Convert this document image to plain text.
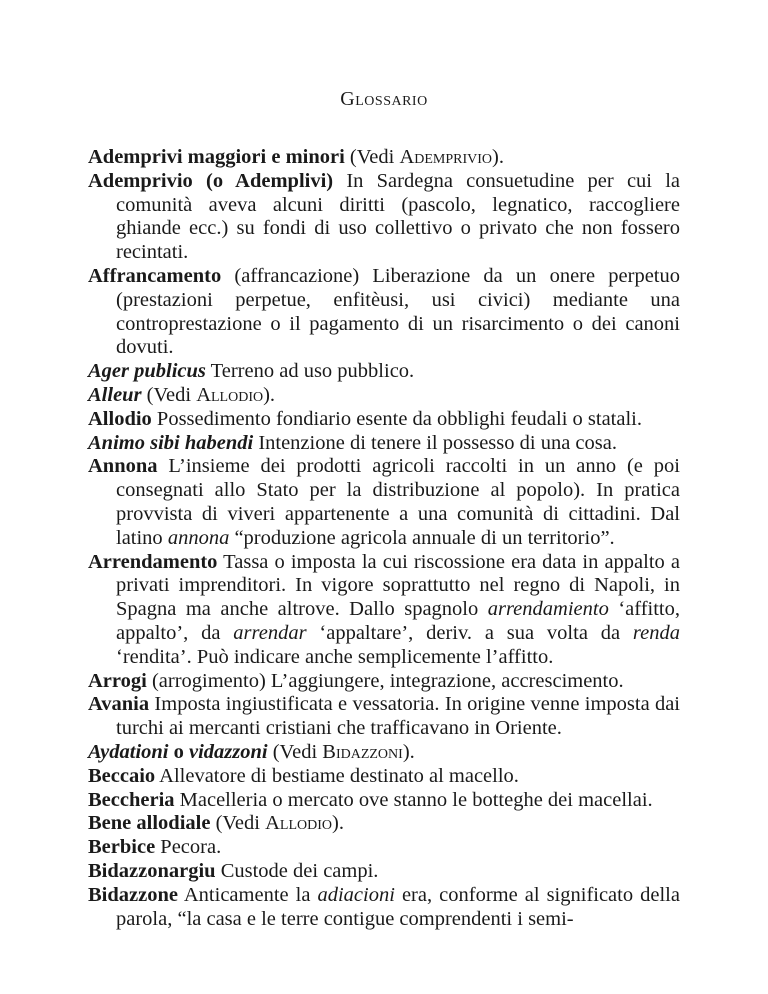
Glossario

Ademprivi maggiori e minori (Vedi Ademprivio).

Ademprivio (o Ademplivi) In Sardegna consuetudine per cui la comunità aveva alcuni diritti (pascolo, legnatico, raccogliere ghiande ecc.) su fondi di uso collettivo o privato che non fossero recintati.

Affrancamento (affrancazione) Liberazione da un onere perpetuo (prestazioni perpetue, enfitèusi, usi civici) mediante una controprestazione o il pagamento di un risarcimento o dei canoni dovuti.

Ager publicus Terreno ad uso pubblico.

Alleur (Vedi Allodio).

Allodio Possedimento fondiario esente da obblighi feudali o statali.

Animo sibi habendi Intenzione di tenere il possesso di una cosa.

Annona L’insieme dei prodotti agricoli raccolti in un anno (e poi consegnati allo Stato per la distribuzione al popolo). In pratica provvista di viveri appartenente a una comunità di cittadini. Dal latino annona “produzione agricola annuale di un territorio”.

Arrendamento Tassa o imposta la cui riscossione era data in appalto a privati imprenditori. In vigore soprattutto nel regno di Napoli, in Spagna ma anche altrove. Dallo spagnolo arrendamiento ‘affitto, appalto’, da arrendar ‘appaltare’, deriv. a sua volta da renda ‘rendita’. Può indicare anche semplicemente l’affitto.

Arrogi (arrogimento) L’aggiungere, integrazione, accrescimento.

Avania Imposta ingiustificata e vessatoria. In origine venne imposta dai turchi ai mercanti cristiani che trafficavano in Oriente.

Aydationi o vidazzoni (Vedi Bidazzoni).

Beccaio Allevatore di bestiame destinato al macello.

Beccheria Macelleria o mercato ove stanno le botteghe dei macellai.

Bene allodiale (Vedi Allodio).

Berbice Pecora.

Bidazzonargiu Custode dei campi.

Bidazzone Anticamente la adiacioni era, conforme al significato della parola, “la casa e le terre contigue comprendenti i semi-
